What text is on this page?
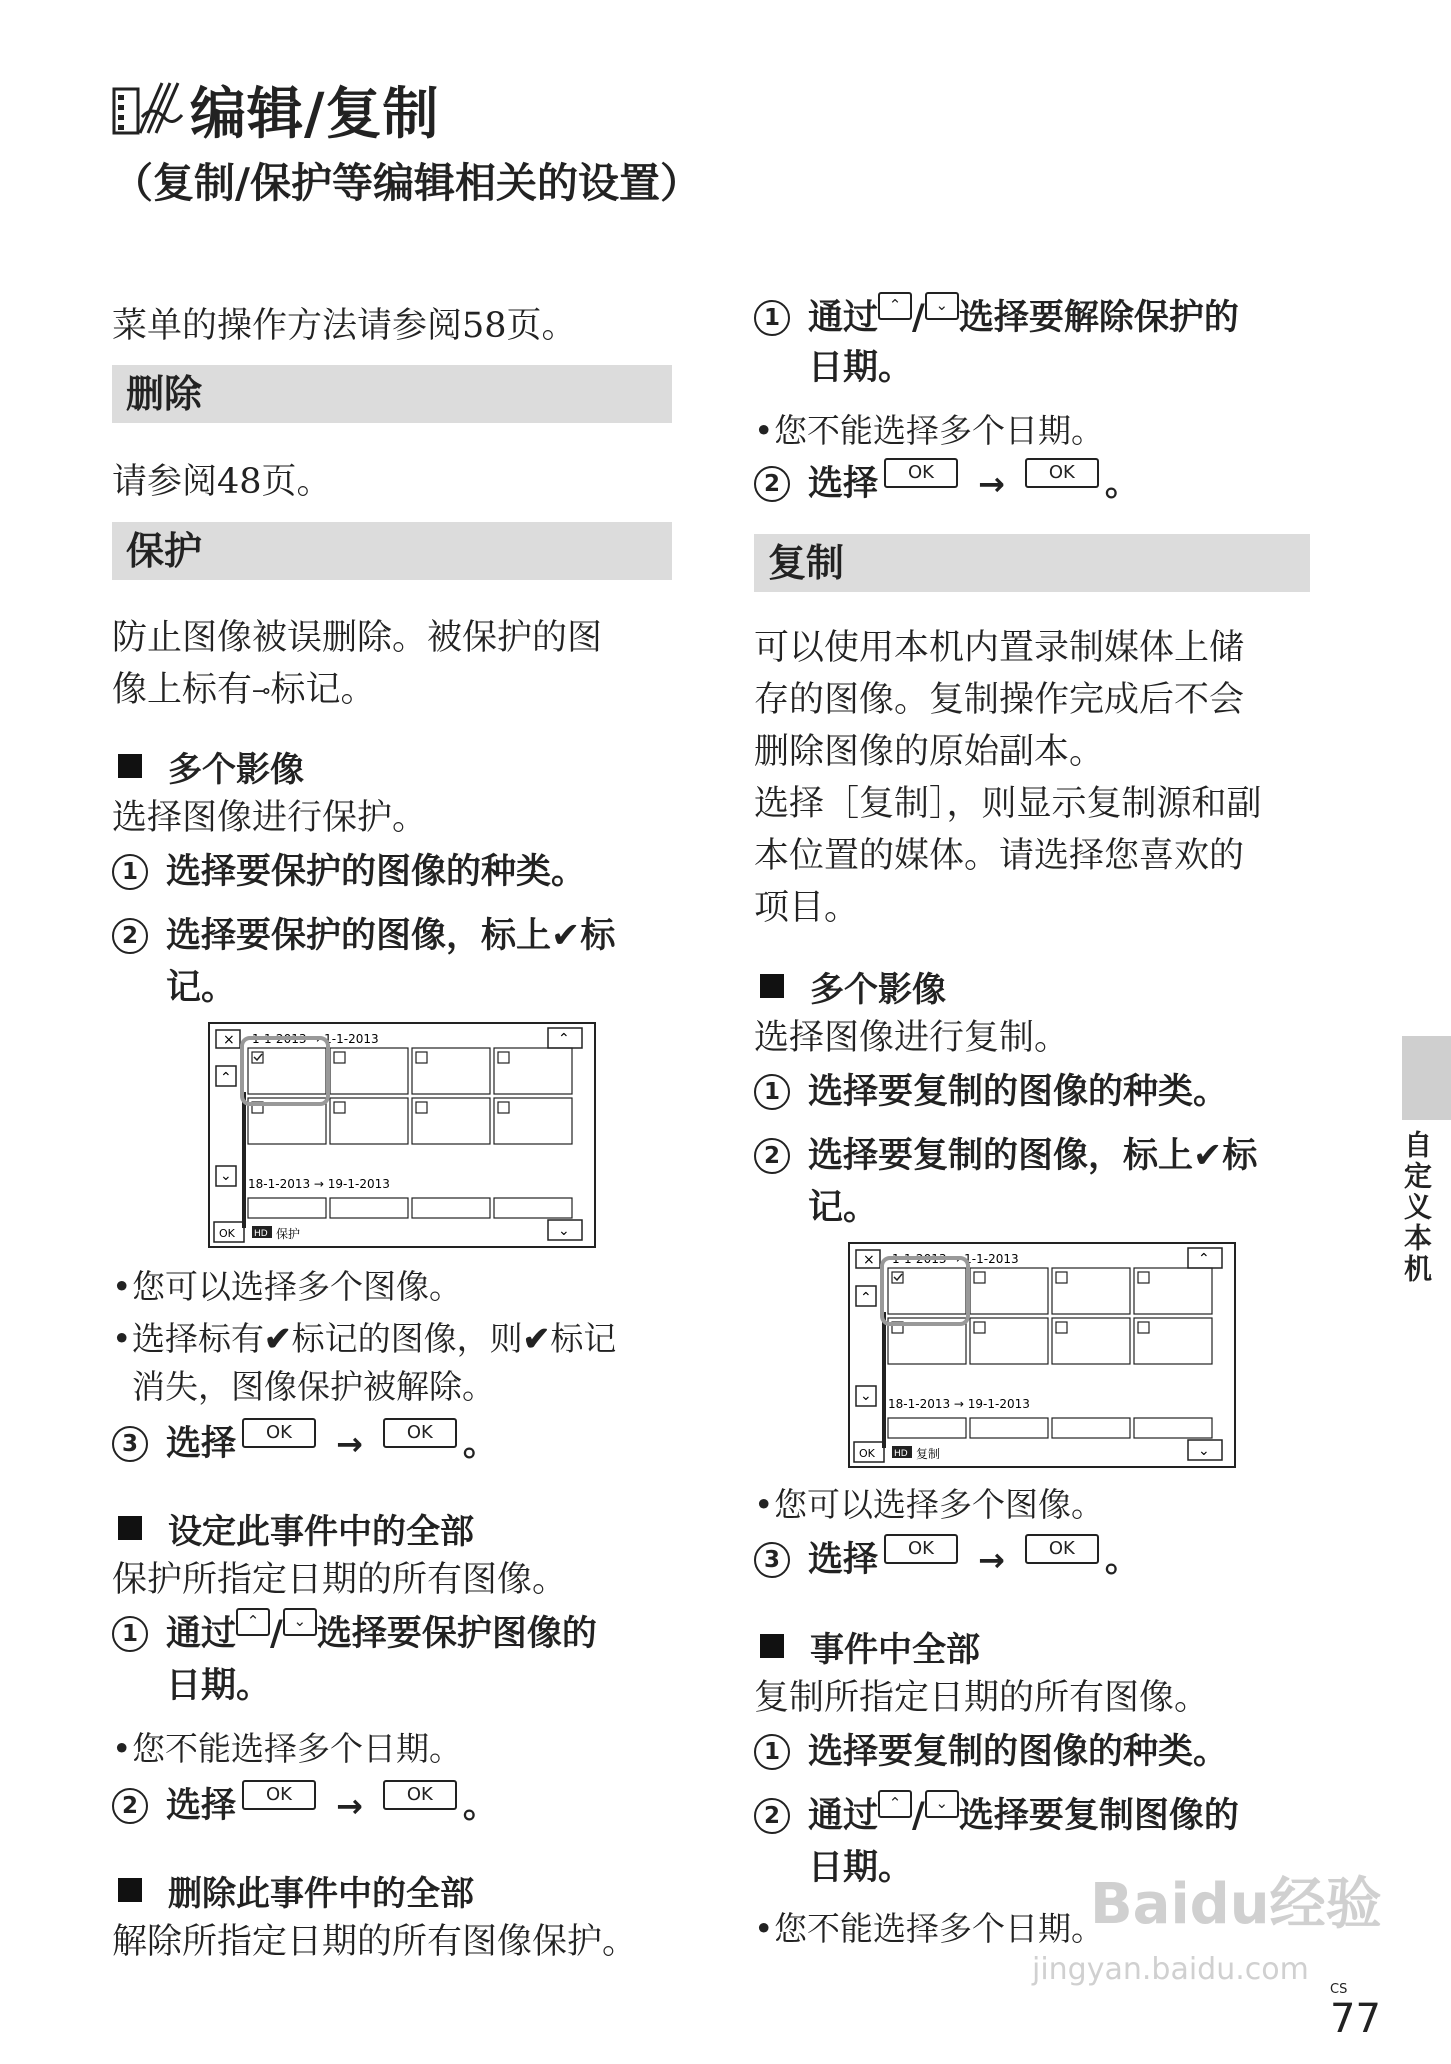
编辑/复制
（复制/保护等编辑相关的设置）

菜单的操作方法请参阅58页。

删除

请参阅48页。

保护

防止图像被误删除。被保护的图

像上标有⊸标记。

多个影像

选择图像进行保护。

1 选择要保护的图像的种类。
2 选择要保护的图像，标上✔标
记。
× 1-1-2013 → 1-1-2013	⌃
⌃
⌄ 18-1-2013 → 19-1-2013
OK HD 保护	⌄
• 您可以选择多个图像。
• 选择标有✔标记的图像，则✔标记
消失，图像保护被解除。
3 选择	OK	→	OK 。
设定此事件中的全部

保护所指定日期的所有图像。

1 通过 ⌃ / ⌄ 选择要保护图像的
日期。
• 您不能选择多个日期。
2 选择	OK	→	OK 。
删除此事件中的全部

解除所指定日期的所有图像保护。

1 通过 ⌃ / ⌄ 选择要解除保护的
日期。
• 您不能选择多个日期。
2 选择	OK	→	OK 。
复制

可以使用本机内置录制媒体上储

存的图像。复制操作完成后不会

删除图像的原始副本。

选择［复制］，则显示复制源和副

本位置的媒体。请选择您喜欢的

项目。

多个影像

选择图像进行复制。

1 选择要复制的图像的种类。
2 选择要复制的图像，标上✔标
记。
× 1-1-2013 → 1-1-2013	⌃
⌃
⌄ 18-1-2013 → 19-1-2013
OK HD 复制	⌄
• 您可以选择多个图像。
3 选择	OK	→	OK 。
事件中全部

复制所指定日期的所有图像。

1 选择要复制的图像的种类。
2 通过 ⌃ / ⌄ 选择要复制图像的
日期。
• 您不能选择多个日期。
自定义本机
Baidu经验
jingyan.baidu.com
CS
77
